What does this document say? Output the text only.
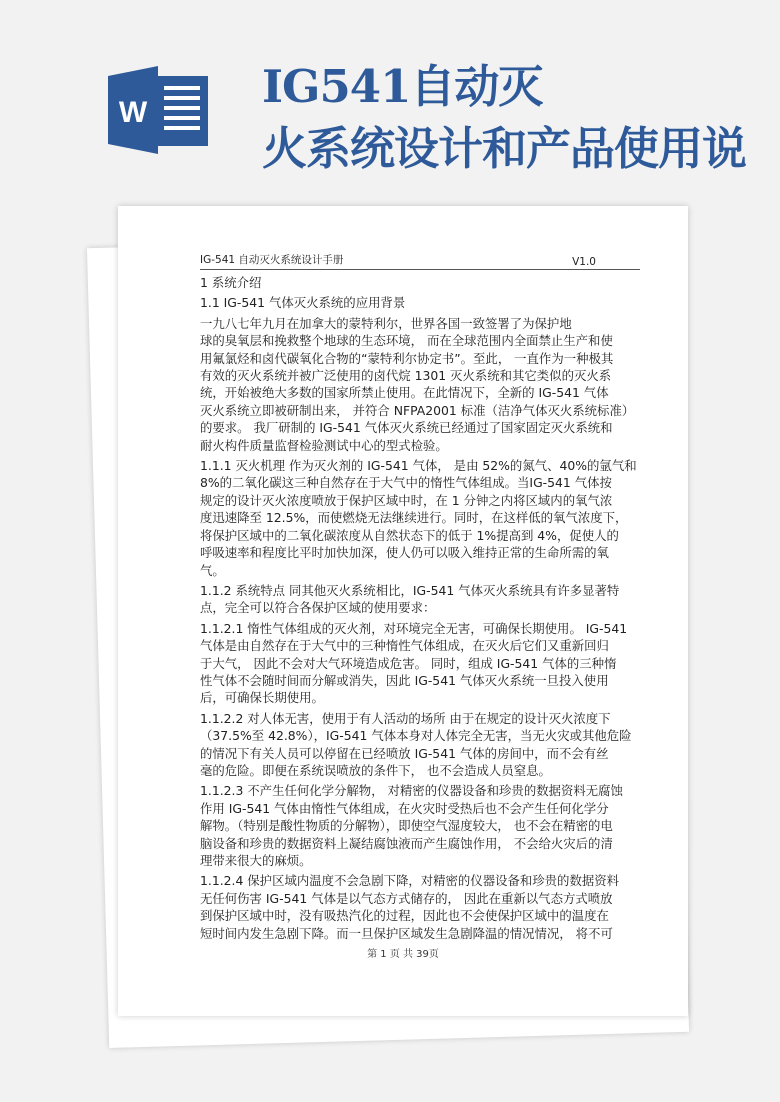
W	IG541自动灭
火系统设计和产品使用说
IG-541 自动灭火系统设计手册	V1.0
1 系统介绍
1.1 IG-541 气体灭火系统的应用背景
一九八七年九月在加拿大的蒙特利尔，世界各国一致签署了为保护地
球的臭氧层和挽救整个地球的生态环境， 而在全球范围内全面禁止生产和使
用氟氯烃和卤代碳氧化合物的“蒙特利尔协定书”。至此， 一直作为一种极其
有效的灭火系统并被广泛使用的卤代烷 1301 灭火系统和其它类似的灭火系
统，开始被绝大多数的国家所禁止使用。在此情况下，全新的 IG-541 气体
灭火系统立即被研制出来， 并符合 NFPA2001 标准（洁净气体灭火系统标准）
的要求。 我厂研制的 IG-541 气体灭火系统已经通过了国家固定灭火系统和
耐火构件质量监督检验测试中心的型式检验。
1.1.1 灭火机理 作为灭火剂的 IG-541 气体， 是由 52%的氮气、40%的氩气和
8%的二氧化碳这三种自然存在于大气中的惰性气体组成。当IG-541 气体按
规定的设计灭火浓度喷放于保护区域中时，在 1 分钟之内将区域内的氧气浓
度迅速降至 12.5%，而使燃烧无法继续进行。同时，在这样低的氧气浓度下，
将保护区域中的二氧化碳浓度从自然状态下的低于 1%提高到 4%，促使人的
呼吸速率和程度比平时加快加深，使人仍可以吸入维持正常的生命所需的氧
气。
1.1.2 系统特点 同其他灭火系统相比，IG-541 气体灭火系统具有许多显著特
点，完全可以符合各保护区域的使用要求：
1.1.2.1 惰性气体组成的灭火剂，对环境完全无害，可确保长期使用。 IG-541
气体是由自然存在于大气中的三种惰性气体组成，在灭火后它们又重新回归
于大气， 因此不会对大气环境造成危害。 同时，组成 IG-541 气体的三种惰
性气体不会随时间而分解或消失，因此 IG-541 气体灭火系统一旦投入使用
后，可确保长期使用。
1.1.2.2 对人体无害，使用于有人活动的场所 由于在规定的设计灭火浓度下
（37.5%至 42.8%），IG-541 气体本身对人体完全无害，当无火灾或其他危险
的情况下有关人员可以停留在已经喷放 IG-541 气体的房间中，而不会有丝
毫的危险。即便在系统误喷放的条件下， 也不会造成人员窒息。
1.1.2.3 不产生任何化学分解物， 对精密的仪器设备和珍贵的数据资料无腐蚀
作用 IG-541 气体由惰性气体组成，在火灾时受热后也不会产生任何化学分
解物。（特别是酸性物质的分解物），即使空气湿度较大， 也不会在精密的电
脑设备和珍贵的数据资料上凝结腐蚀液而产生腐蚀作用， 不会给火灾后的清
理带来很大的麻烦。
1.1.2.4 保护区域内温度不会急剧下降，对精密的仪器设备和珍贵的数据资料
无任何伤害 IG-541 气体是以气态方式储存的， 因此在重新以气态方式喷放
到保护区域中时，没有吸热汽化的过程，因此也不会使保护区域中的温度在
短时间内发生急剧下降。而一旦保护区域发生急剧降温的情况情况， 将不可
第 1 页 共 39页
